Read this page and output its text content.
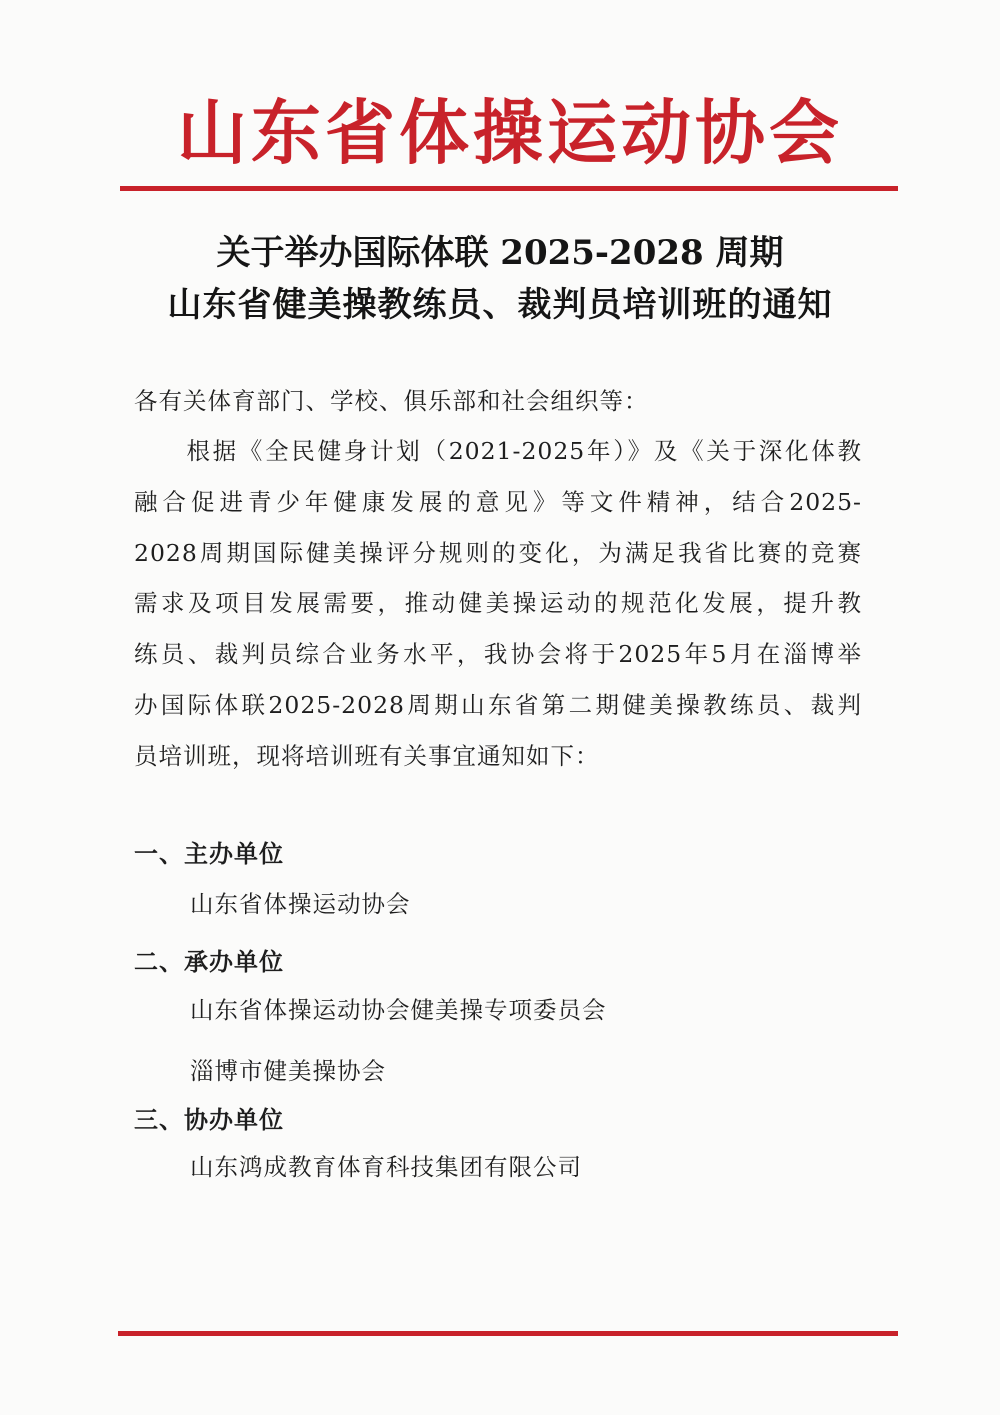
山东省体操运动协会
关于举办国际体联 2025-2028 周期
山东省健美操教练员、裁判员培训班的通知
各有关体育部门、学校、俱乐部和社会组织等：
　　根据《全民健身计划（2021-2025年）》及《关于深化体教
融合促进青少年健康发展的意见》等文件精神，结合2025-
2028周期国际健美操评分规则的变化，为满足我省比赛的竞赛
需求及项目发展需要，推动健美操运动的规范化发展，提升教
练员、裁判员综合业务水平，我协会将于2025年5月在淄博举
办国际体联2025-2028周期山东省第二期健美操教练员、裁判
员培训班，现将培训班有关事宜通知如下：
一、主办单位
山东省体操运动协会
二、承办单位
山东省体操运动协会健美操专项委员会
淄博市健美操协会
三、协办单位
山东鸿成教育体育科技集团有限公司
